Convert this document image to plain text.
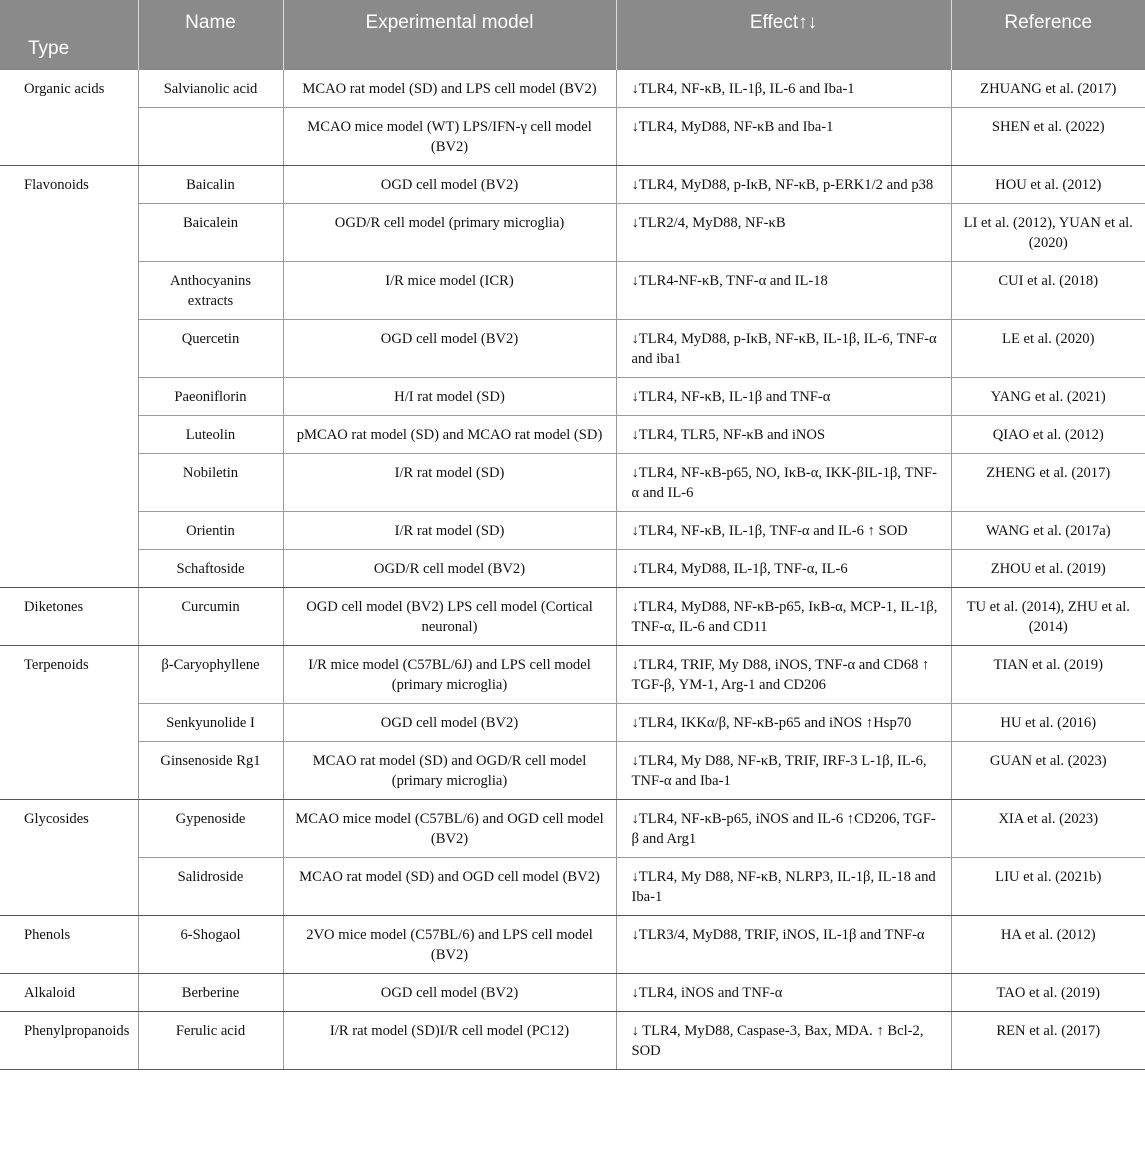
Type	Name	Experimental model	Effect↑↓	Reference
Organic acids	Salvianolic acid	MCAO rat model (SD) and LPS cell model (BV2)	↓TLR4, NF-κB, IL-1β, IL-6 and Iba-1	ZHUANG et al. (2017)
		MCAO mice model (WT) LPS/IFN-γ cell model (BV2)	↓TLR4, MyD88, NF-κB and Iba-1	SHEN et al. (2022)
Flavonoids	Baicalin	OGD cell model (BV2)	↓TLR4, MyD88, p-IκB, NF-κB, p-ERK1/2 and p38	HOU et al. (2012)
	Baicalein	OGD/R cell model (primary microglia)	↓TLR2/4, MyD88, NF-κB	LI et al. (2012), YUAN et al. (2020)
	Anthocyanins extracts	I/R mice model (ICR)	↓TLR4-NF-κB, TNF-α and IL-18	CUI et al. (2018)
	Quercetin	OGD cell model (BV2)	↓TLR4, MyD88, p-IκB, NF-κB, IL-1β, IL-6, TNF-α and iba1	LE et al. (2020)
	Paeoniflorin	H/I rat model (SD)	↓TLR4, NF-κB, IL-1β and TNF-α	YANG et al. (2021)
	Luteolin	pMCAO rat model (SD) and MCAO rat model (SD)	↓TLR4, TLR5, NF-κB and iNOS	QIAO et al. (2012)
	Nobiletin	I/R rat model (SD)	↓TLR4, NF-κB-p65, NO, IκB-α, IKK-βIL-1β, TNF-α and IL-6	ZHENG et al. (2017)
	Orientin	I/R rat model (SD)	↓TLR4, NF-κB, IL-1β, TNF-α and IL-6 ↑ SOD	WANG et al. (2017a)
	Schaftoside	OGD/R cell model (BV2)	↓TLR4, MyD88, IL-1β, TNF-α, IL-6	ZHOU et al. (2019)
Diketones	Curcumin	OGD cell model (BV2) LPS cell model (Cortical neuronal)	↓TLR4, MyD88, NF-κB-p65, IκB-α, MCP-1, IL-1β, TNF-α, IL-6 and CD11	TU et al. (2014), ZHU et al. (2014)
Terpenoids	β-Caryophyllene	I/R mice model (C57BL/6J) and LPS cell model (primary microglia)	↓TLR4, TRIF, My D88, iNOS, TNF-α and CD68 ↑ TGF-β, YM-1, Arg-1 and CD206	TIAN et al. (2019)
	Senkyunolide I	OGD cell model (BV2)	↓TLR4, IKKα/β, NF-κB-p65 and iNOS ↑Hsp70	HU et al. (2016)
	Ginsenoside Rg1	MCAO rat model (SD) and OGD/R cell model (primary microglia)	↓TLR4, My D88, NF-κB, TRIF, IRF-3 L-1β, IL-6, TNF-α and Iba-1	GUAN et al. (2023)
Glycosides	Gypenoside	MCAO mice model (C57BL/6) and OGD cell model (BV2)	↓TLR4, NF-κB-p65, iNOS and IL-6 ↑CD206, TGF-β and Arg1	XIA et al. (2023)
	Salidroside	MCAO rat model (SD) and OGD cell model (BV2)	↓TLR4, My D88, NF-κB, NLRP3, IL-1β, IL-18 and Iba-1	LIU et al. (2021b)
Phenols	6-Shogaol	2VO mice model (C57BL/6) and LPS cell model (BV2)	↓TLR3/4, MyD88, TRIF, iNOS, IL-1β and TNF-α	HA et al. (2012)
Alkaloid	Berberine	OGD cell model (BV2)	↓TLR4, iNOS and TNF-α	TAO et al. (2019)
Phenylpropanoids	Ferulic acid	I/R rat model (SD)I/R cell model (PC12)	↓ TLR4, MyD88, Caspase-3, Bax, MDA. ↑ Bcl-2, SOD	REN et al. (2017)
